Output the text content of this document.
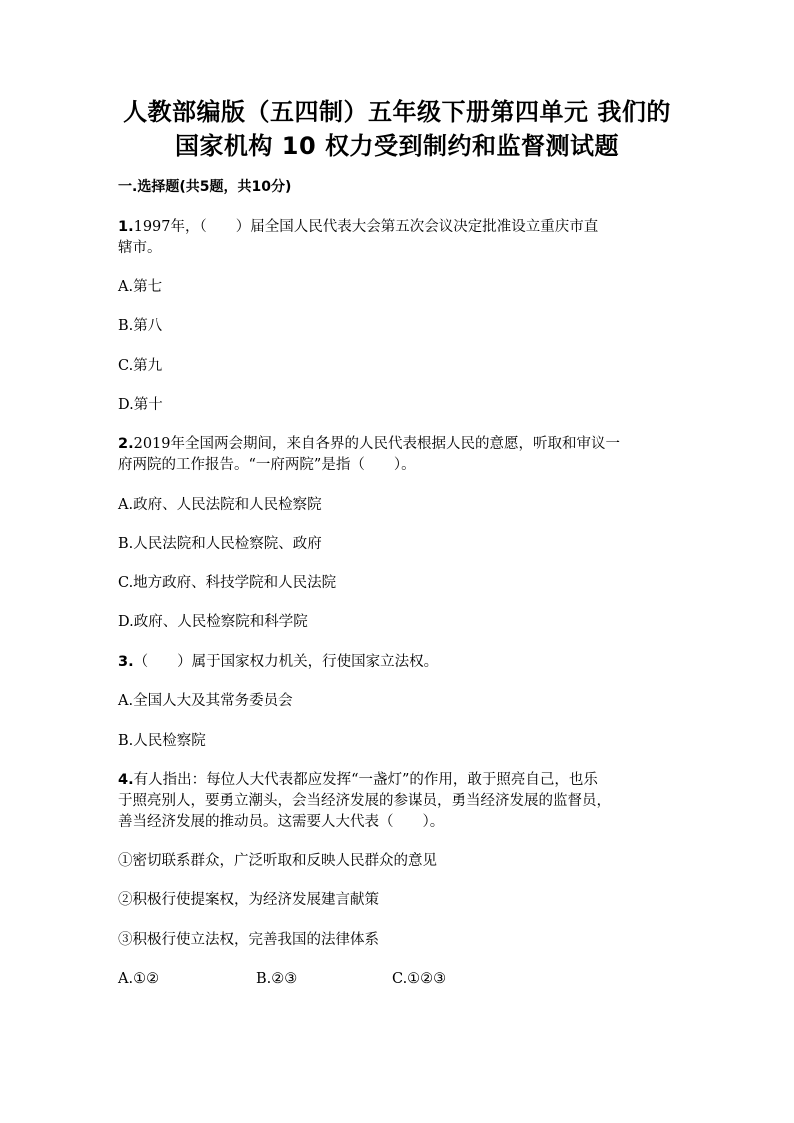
人教部编版（五四制）五年级下册第四单元 我们的
国家机构 10 权力受到制约和监督测试题
一.选择题(共5题，共10分)
1.1997年，（　　）届全国人民代表大会第五次会议决定批准设立重庆市直
辖市。
A.第七
B.第八
C.第九
D.第十
2.2019年全国两会期间，来自各界的人民代表根据人民的意愿，听取和审议一
府两院的工作报告。“一府两院”是指（　　）。
A.政府、人民法院和人民检察院
B.人民法院和人民检察院、政府
C.地方政府、科技学院和人民法院
D.政府、人民检察院和科学院
3.（　　）属于国家权力机关，行使国家立法权。
A.全国人大及其常务委员会
B.人民检察院
4.有人指出：每位人大代表都应发挥“一盏灯”的作用，敢于照亮自己，也乐
于照亮别人，要勇立潮头，会当经济发展的参谋员，勇当经济发展的监督员，
善当经济发展的推动员。这需要人大代表（　　）。
①密切联系群众，广泛听取和反映人民群众的意见
②积极行使提案权，为经济发展建言献策
③积极行使立法权，完善我国的法律体系
A.①②	B.②③	C.①②③
